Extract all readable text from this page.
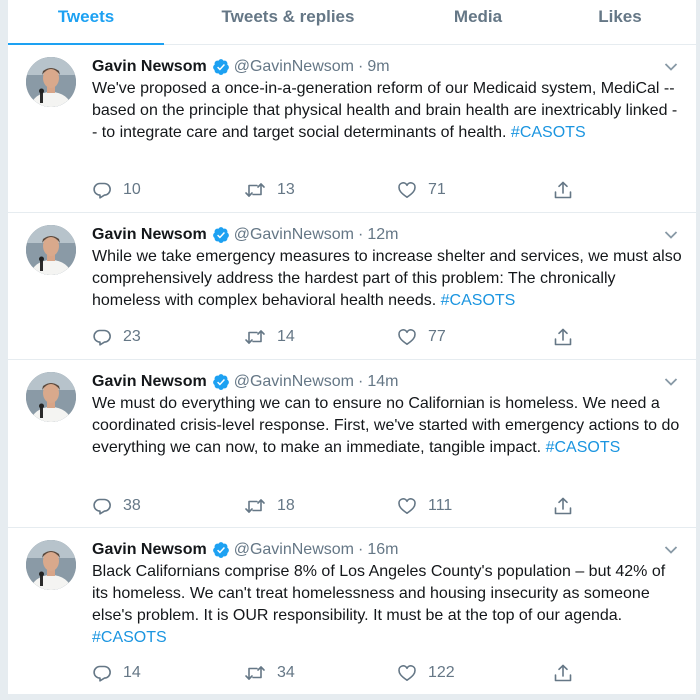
Tweets	Tweets & replies	Media	Likes
Gavin Newsom @GavinNewsom · 9m
We've proposed a once-in-a-generation reform of our Medicaid system, MediCal -- based on the principle that physical health and brain health are inextricably linked -- to integrate care and target social determinants of health. #CASOTS
10	13	71
Gavin Newsom @GavinNewsom · 12m
While we take emergency measures to increase shelter and services, we must also comprehensively address the hardest part of this problem: The chronically homeless with complex behavioral health needs. #CASOTS
23	14	77
Gavin Newsom @GavinNewsom · 14m
We must do everything we can to ensure no Californian is homeless. We need a coordinated crisis-level response. First, we've started with emergency actions to do everything we can now, to make an immediate, tangible impact. #CASOTS
38	18	111
Gavin Newsom @GavinNewsom · 16m
Black Californians comprise 8% of Los Angeles County's population – but 42% of its homeless. We can't treat homelessness and housing insecurity as someone else's problem. It is OUR responsibility. It must be at the top of our agenda. #CASOTS
14	34	122
